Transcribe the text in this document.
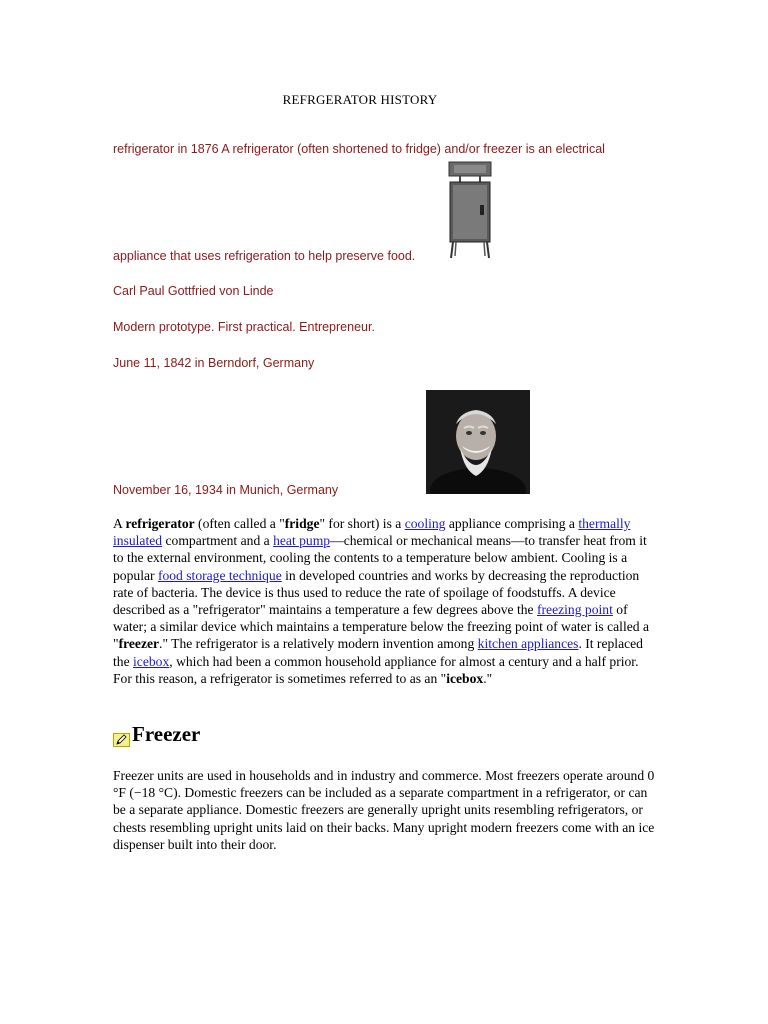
REFRGERATOR HISTORY
refrigerator in 1876 A refrigerator (often shortened to fridge) and/or freezer is an electrical
appliance that uses refrigeration to help preserve food.
Carl Paul Gottfried von Linde
Modern prototype. First practical. Entrepreneur.
June 11, 1842 in Berndorf, Germany
November 16, 1934 in Munich, Germany
A refrigerator (often called a "fridge" for short) is a cooling appliance comprising a thermally insulated compartment and a heat pump—chemical or mechanical means—to transfer heat from it to the external environment, cooling the contents to a temperature below ambient. Cooling is a popular food storage technique in developed countries and works by decreasing the reproduction rate of bacteria. The device is thus used to reduce the rate of spoilage of foodstuffs. A device described as a "refrigerator" maintains a temperature a few degrees above the freezing point of water; a similar device which maintains a temperature below the freezing point of water is called a "freezer." The refrigerator is a relatively modern invention among kitchen appliances. It replaced the icebox, which had been a common household appliance for almost a century and a half prior. For this reason, a refrigerator is sometimes referred to as an "icebox."
Freezer
Freezer units are used in households and in industry and commerce. Most freezers operate around 0 °F (−18 °C). Domestic freezers can be included as a separate compartment in a refrigerator, or can be a separate appliance. Domestic freezers are generally upright units resembling refrigerators, or chests resembling upright units laid on their backs. Many upright modern freezers come with an ice dispenser built into their door.
